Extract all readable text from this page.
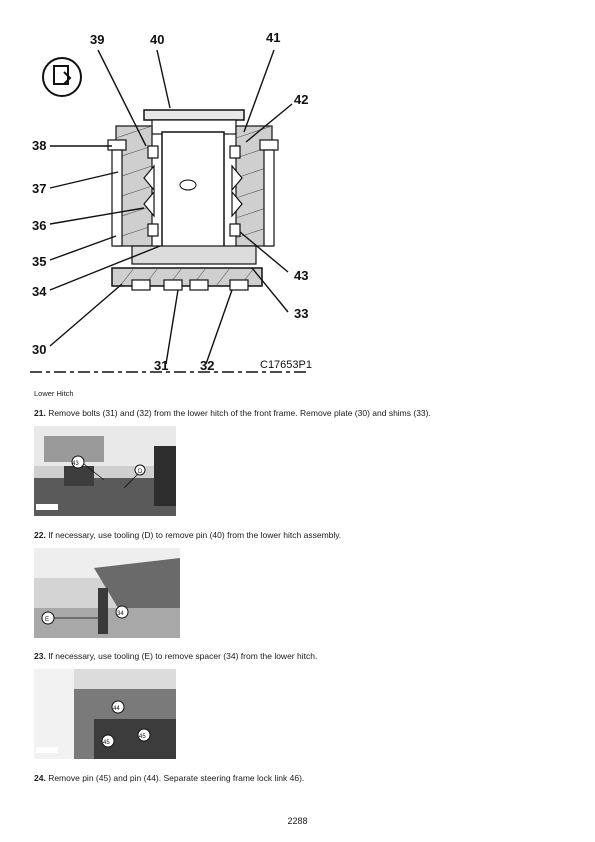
39	40	41
42
38
37
36
35
34
43
33
30
31 32	C17653P1
Lower Hitch
21. Remove bolts (31) and (32) from the lower hitch of the front frame. Remove plate (30) and shims (33).
43
D
22. If necessary, use tooling (D) to remove pin (40) from the lower hitch assembly.
E
34
23. If necessary, use tooling (E) to remove spacer (34) from the lower hitch.
44
45
45
24. Remove pin (45) and pin (44). Separate steering frame lock link 46).
2288
